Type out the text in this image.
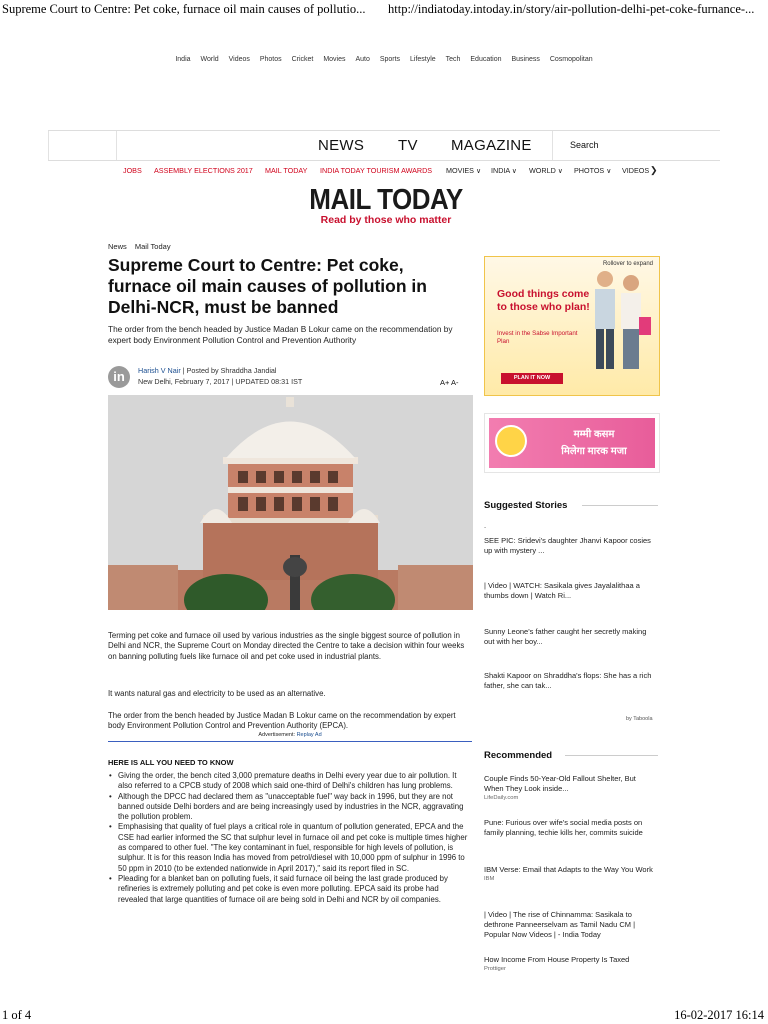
Supreme Court to Centre: Pet coke, furnace oil main causes of pollutio... http://indiatoday.intoday.in/story/air-pollution-delhi-pet-coke-furnance-...
India World Videos Photos Cricket Movies Auto Sports Lifestyle Tech Education Business Cosmopolitan
NEWS TV MAGAZINE	Search
JOBS ASSEMBLY ELECTIONS 2017 MAIL TODAY INDIA TODAY TOURISM AWARDS MOVIES ∨ INDIA ∨ WORLD ∨ PHOTOS ∨ VIDEOS ❯
MAIL TODAY
Read by those who matter
News Mail Today
Supreme Court to Centre: Pet coke, furnace oil main causes of pollution in Delhi-NCR, must be banned
The order from the bench headed by Justice Madan B Lokur came on the recommendation by expert body Environment Pollution Control and Prevention Authority
in	Harish V Nair | Posted by Shraddha Jandial
New Delhi, February 7, 2017 | UPDATED 08:31 IST	A+ A-
Terming pet coke and furnace oil used by various industries as the single biggest source of pollution in Delhi and NCR, the Supreme Court on Monday directed the Centre to take a decision within four weeks on banning polluting fuels like furnace oil and pet coke used in industrial plants.
It wants natural gas and electricity to be used as an alternative.
The order from the bench headed by Justice Madan B Lokur came on the recommendation by expert body Environment Pollution Control and Prevention Authority (EPCA).
Advertisement: Replay Ad
HERE IS ALL YOU NEED TO KNOW
• Giving the order, the bench cited 3,000 premature deaths in Delhi every year due to air pollution. It also referred to a CPCB study of 2008 which said one-third of Delhi's children has lung problems.
• Although the DPCC had declared them as "unacceptable fuel" way back in 1996, but they are not banned outside Delhi borders and are being increasingly used by industries in the NCR, aggravating the pollution problem.
• Emphasising that quality of fuel plays a critical role in quantum of pollution generated, EPCA and the CSE had earlier informed the SC that sulphur level in furnace oil and pet coke is multiple times higher as compared to other fuel. "The key contaminant in fuel, responsible for high levels of pollution, is sulphur. It is for this reason India has moved from petrol/diesel with 10,000 ppm of sulphur in 1996 to 50 ppm in 2010 (to be extended nationwide in April 2017)," said its report filed in SC.
• Pleading for a blanket ban on polluting fuels, it said furnace oil being the last grade produced by refineries is extremely polluting and pet coke is even more polluting. EPCA said its probe had revealed that large quantities of furnace oil are being sold in Delhi and NCR by oil companies.
Rollover to expand
Good things come to those who plan!
Invest in the Sabse Important Plan
PLAN IT NOW
मम्मी कसम
मिलेगा मारक मजा
Suggested Stories
.
SEE PIC: Sridevi's daughter Jhanvi Kapoor cosies up with mystery ...
| Video | WATCH: Sasikala gives Jayalalithaa a thumbs down | Watch Ri...
Sunny Leone's father caught her secretly making out with her boy...
Shakti Kapoor on Shraddha's flops: She has a rich father, she can tak...
by Taboola
Recommended
Couple Finds 50-Year-Old Fallout Shelter, But When They Look inside...
LifeDaily.com
Pune: Furious over wife's social media posts on family planning, techie kills her, commits suicide
IBM Verse: Email that Adapts to the Way You Work
IBM
| Video | The rise of Chinnamma: Sasikala to dethrone Panneerselvam as Tamil Nadu CM | Popular Now Videos | - India Today
How Income From House Property Is Taxed
Prottiger
1 of 4	16-02-2017 16:14
